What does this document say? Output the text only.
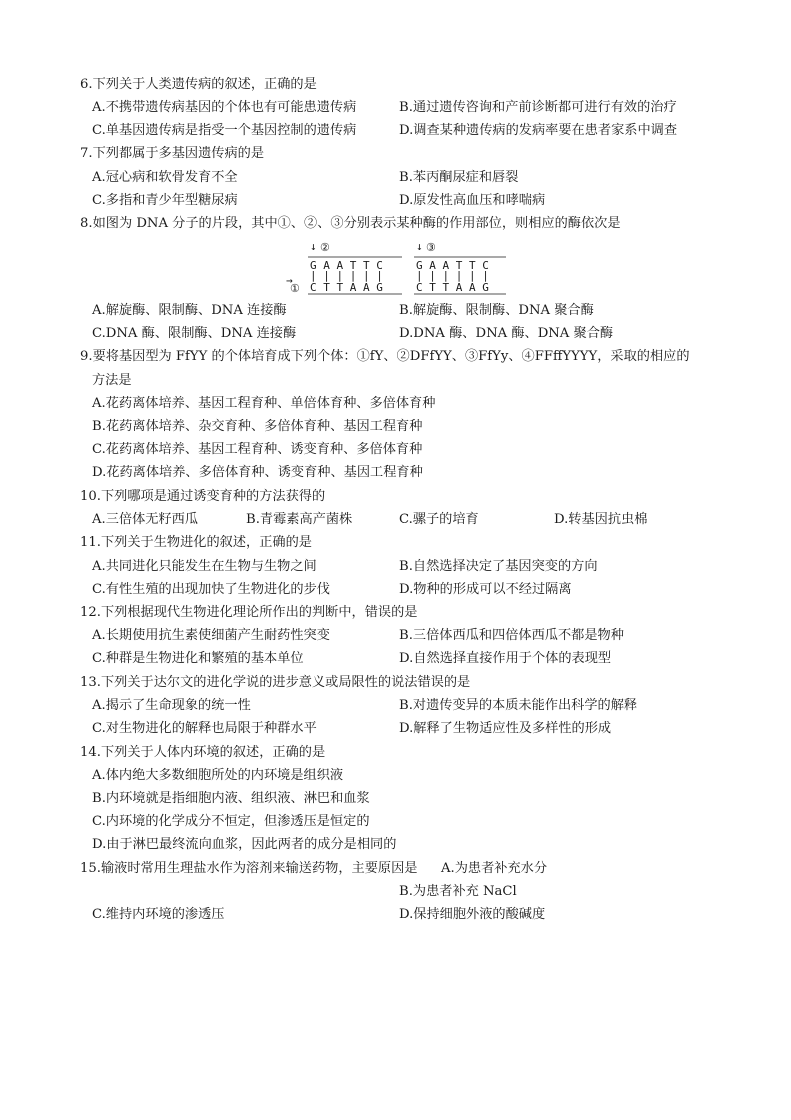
6.下列关于人类遗传病的叙述，正确的是
A.不携带遗传病基因的个体也有可能患遗传病	B.通过遗传咨询和产前诊断都可进行有效的治疗
C.单基因遗传病是指受一个基因控制的遗传病	D.调查某种遗传病的发病率要在患者家系中调查
7.下列都属于多基因遗传病的是
A.冠心病和软骨发育不全	B.苯丙酮尿症和唇裂
C.多指和青少年型糖尿病	D.原发性高血压和哮喘病
8.如图为 DNA 分子的片段，其中①、②、③分别表示某种酶的作用部位，则相应的酶依次是
↓ ②
G A A T T C
| | | | | |
C T T A A G
→
①
↓ ③
G A A T T C
| | | | | |
C T T A A G
A.解旋酶、限制酶、DNA 连接酶	B.解旋酶、限制酶、DNA 聚合酶
C.DNA 酶、限制酶、DNA 连接酶	D.DNA 酶、DNA 酶、DNA 聚合酶
9.要将基因型为 FfYY 的个体培育成下列个体：①fY、②DFfYY、③FfYy、④FFffYYYY，采取的相应的
方法是
A.花药离体培养、基因工程育种、单倍体育种、多倍体育种
B.花药离体培养、杂交育种、多倍体育种、基因工程育种
C.花药离体培养、基因工程育种、诱变育种、多倍体育种
D.花药离体培养、多倍体育种、诱变育种、基因工程育种
10.下列哪项是通过诱变育种的方法获得的
A.三倍体无籽西瓜	B.青霉素高产菌株	C.骡子的培育	D.转基因抗虫棉
11.下列关于生物进化的叙述，正确的是
A.共同进化只能发生在生物与生物之间	B.自然选择决定了基因突变的方向
C.有性生殖的出现加快了生物进化的步伐	D.物种的形成可以不经过隔离
12.下列根据现代生物进化理论所作出的判断中，错误的是
A.长期使用抗生素使细菌产生耐药性突变	B.三倍体西瓜和四倍体西瓜不都是物种
C.种群是生物进化和繁殖的基本单位	D.自然选择直接作用于个体的表现型
13.下列关于达尔文的进化学说的进步意义或局限性的说法错误的是
A.揭示了生命现象的统一性	B.对遗传变异的本质未能作出科学的解释
C.对生物进化的解释也局限于种群水平	D.解释了生物适应性及多样性的形成
14.下列关于人体内环境的叙述，正确的是
A.体内绝大多数细胞所处的内环境是组织液
B.内环境就是指细胞内液、组织液、淋巴和血浆
C.内环境的化学成分不恒定，但渗透压是恒定的
D.由于淋巴最终流向血浆，因此两者的成分是相同的
15.输液时常用生理盐水作为溶剂来输送药物，主要原因是 A.为患者补充水分
B.为患者补充 NaCl
C.维持内环境的渗透压	D.保持细胞外液的酸碱度
